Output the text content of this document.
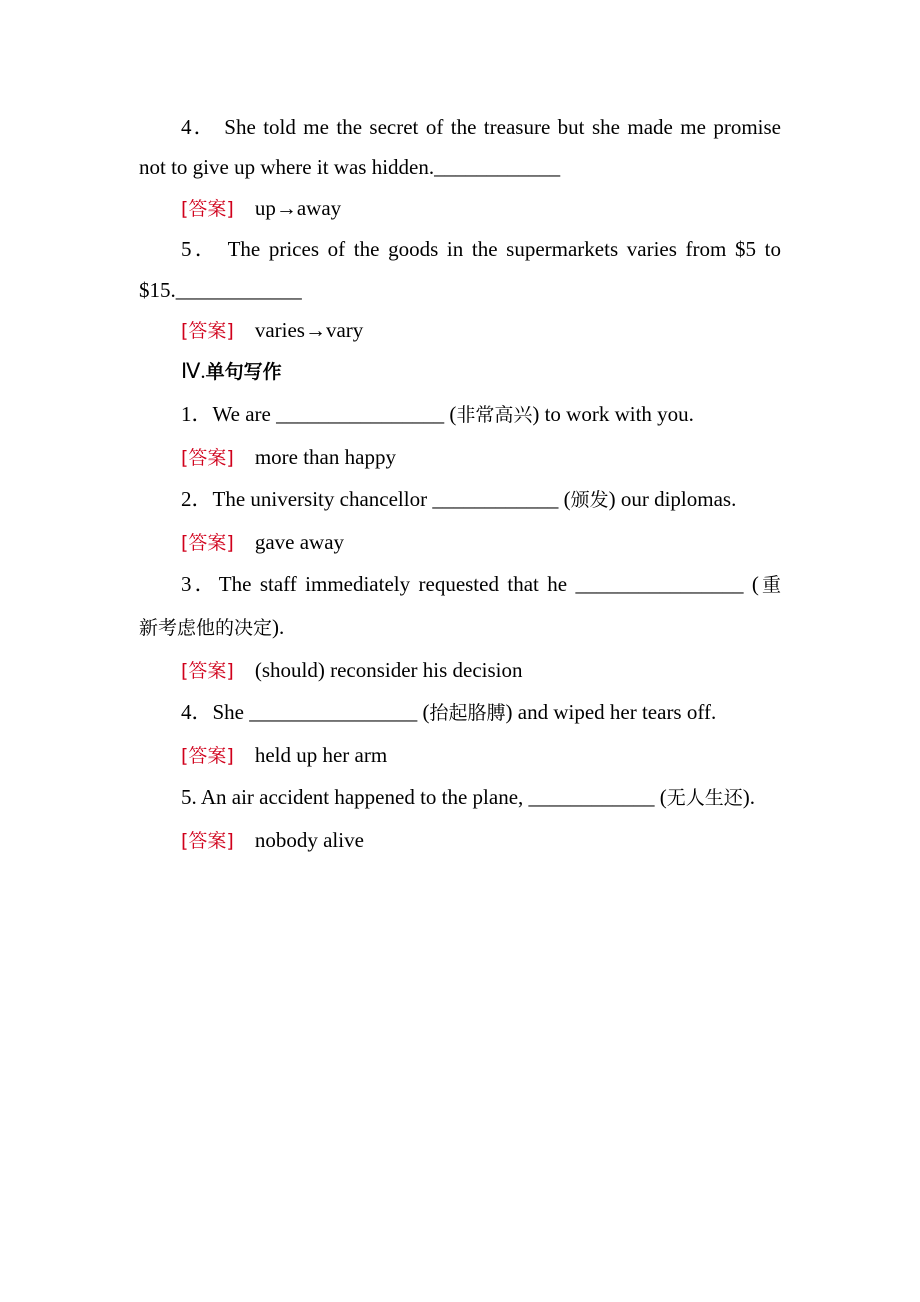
4． She told me the secret of the treasure but she made me promise
not to give up where it was hidden.____________
[答案] up→away
5． The prices of the goods in the supermarkets varies from $5 to
$15.____________
[答案] varies→vary
Ⅳ.单句写作
1．We are ________________ (非常高兴) to work with you.
[答案] more than happy
2．The university chancellor ____________ (颁发) our diplomas.
[答案] gave away
3．The staff immediately requested that he ________________ (重
新考虑他的决定).
[答案] (should) reconsider his decision
4．She ________________ (抬起胳膊) and wiped her tears off.
[答案] held up her arm
5. An air accident happened to the plane, ____________ (无人生还).
[答案] nobody alive
